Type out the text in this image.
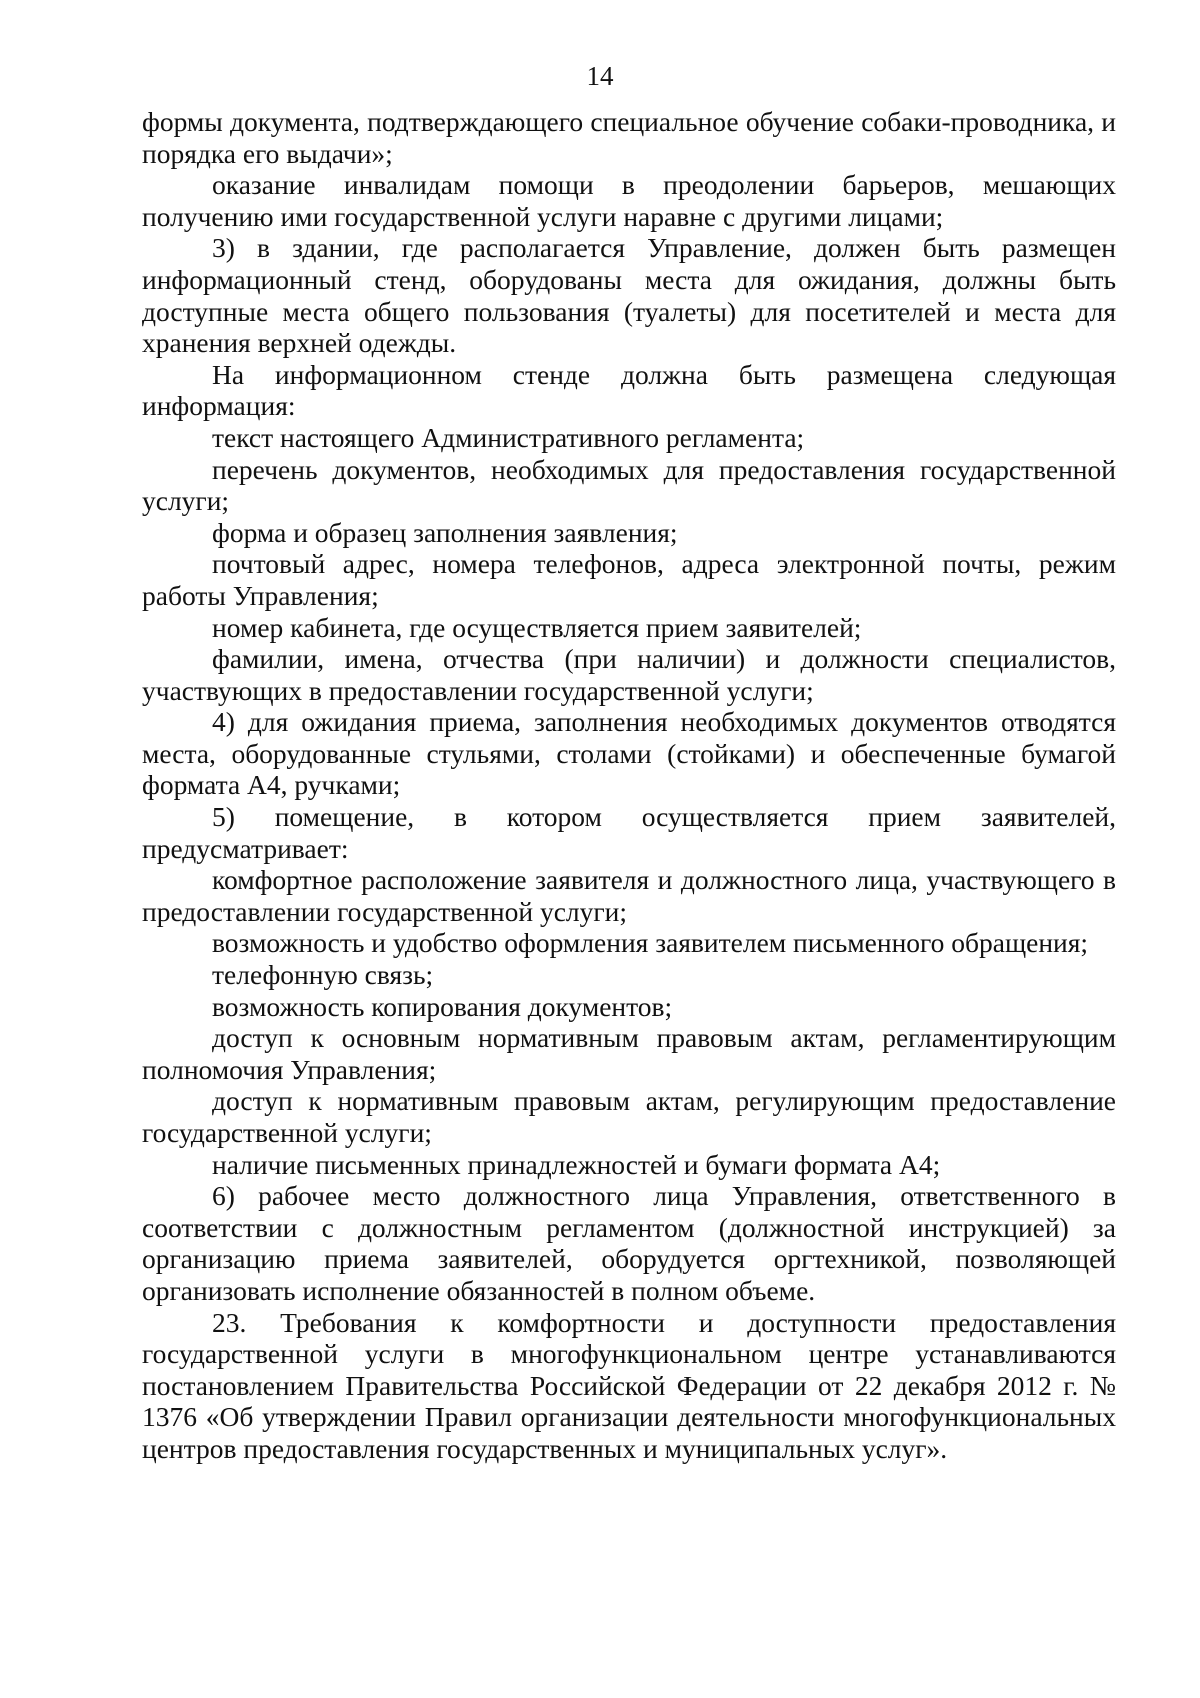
14

формы документа, подтверждающего специальное обучение собаки-проводника, и порядка его выдачи»;

оказание инвалидам помощи в преодолении барьеров, мешающих получению ими государственной услуги наравне с другими лицами;

3) в здании, где располагается Управление, должен быть размещен информационный стенд, оборудованы места для ожидания, должны быть доступные места общего пользования (туалеты) для посетителей и места для хранения верхней одежды.

На информационном стенде должна быть размещена следующая информация:

текст настоящего Административного регламента;

перечень документов, необходимых для предоставления государственной услуги;

форма и образец заполнения заявления;

почтовый адрес, номера телефонов, адреса электронной почты, режим работы Управления;

номер кабинета, где осуществляется прием заявителей;

фамилии, имена, отчества (при наличии) и должности специалистов, участвующих в предоставлении государственной услуги;

4) для ожидания приема, заполнения необходимых документов отводятся места, оборудованные стульями, столами (стойками) и обеспеченные бумагой формата А4, ручками;

5) помещение, в котором осуществляется прием заявителей, предусматривает:

комфортное расположение заявителя и должностного лица, участвующего в предоставлении государственной услуги;

возможность и удобство оформления заявителем письменного обращения;

телефонную связь;

возможность копирования документов;

доступ к основным нормативным правовым актам, регламентирующим полномочия Управления;

доступ к нормативным правовым актам, регулирующим предоставление государственной услуги;

наличие письменных принадлежностей и бумаги формата А4;

6) рабочее место должностного лица Управления, ответственного в соответствии с должностным регламентом (должностной инструкцией) за организацию приема заявителей, оборудуется оргтехникой, позволяющей организовать исполнение обязанностей в полном объеме.

23. Требования к комфортности и доступности предоставления государственной услуги в многофункциональном центре устанавливаются постановлением Правительства Российской Федерации от 22 декабря 2012 г. № 1376 «Об утверждении Правил организации деятельности многофункциональных центров предоставления государственных и муниципальных услуг».
